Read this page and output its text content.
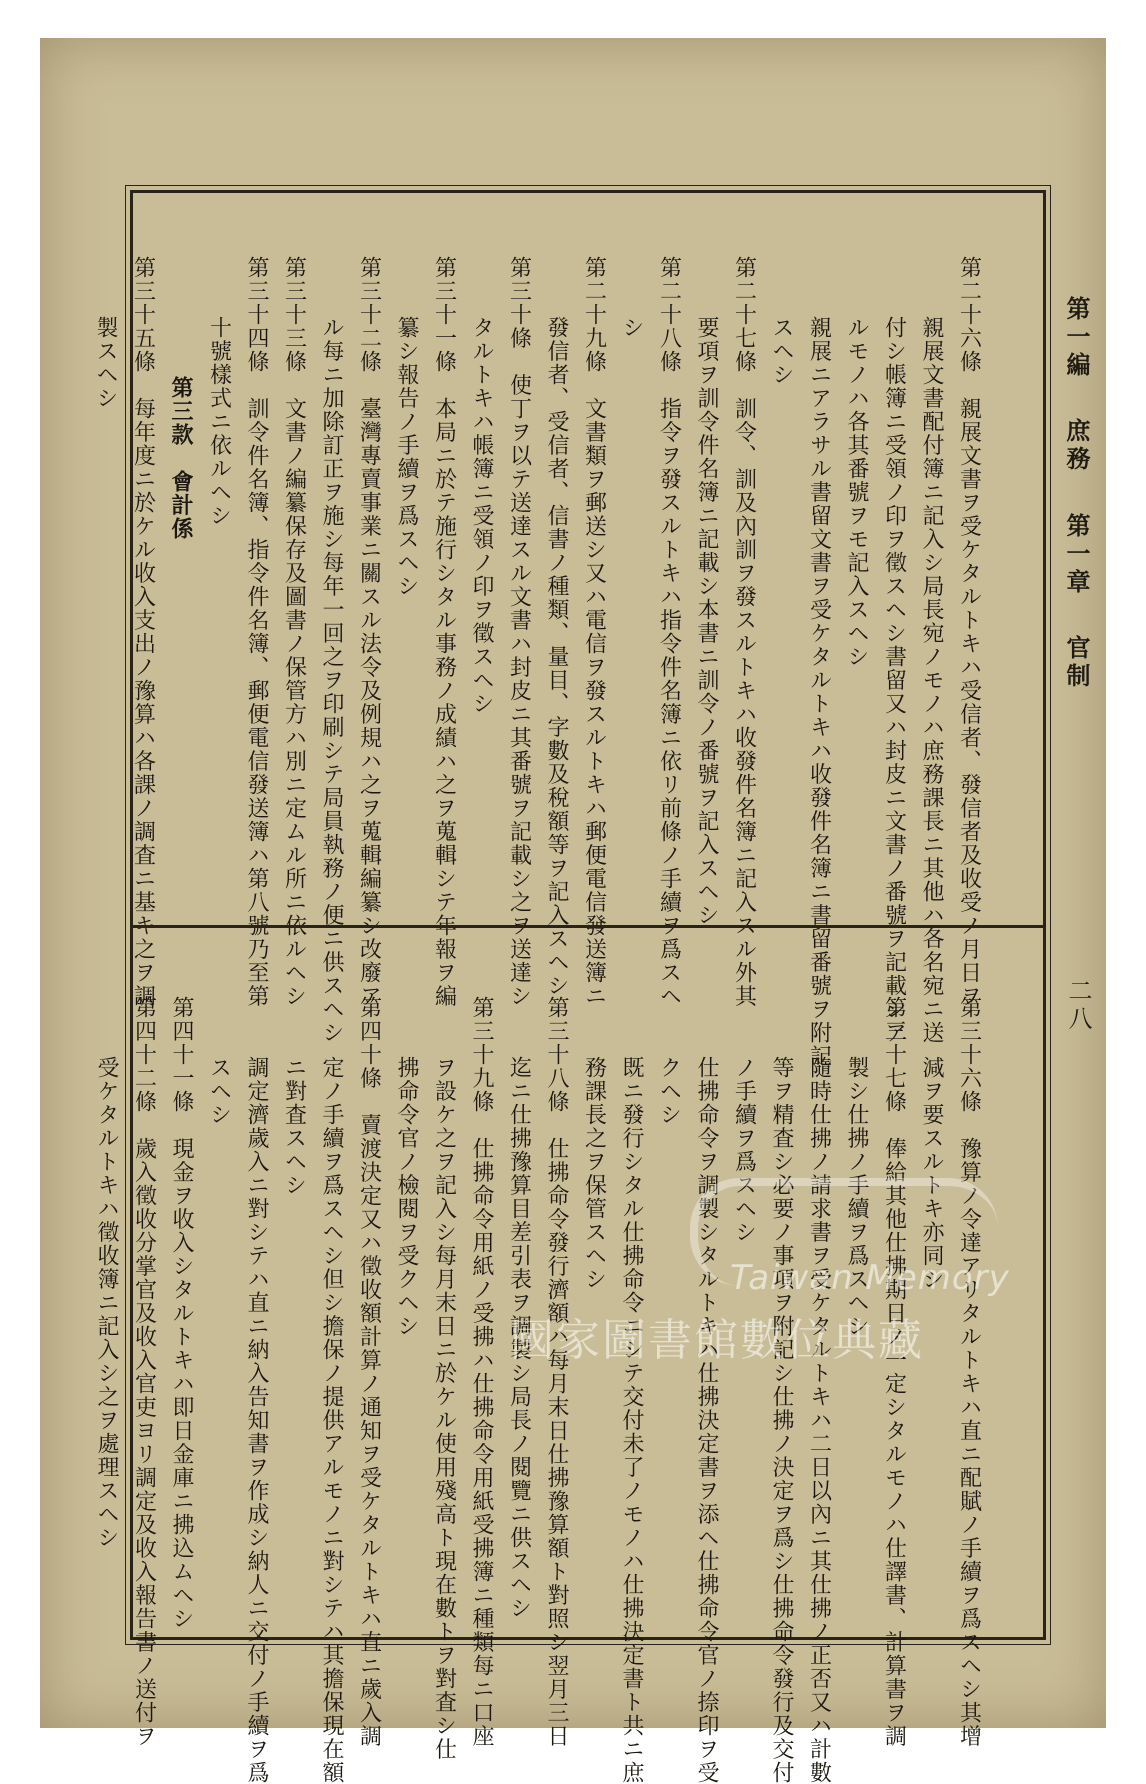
第一編 庶務 第一章 官制
二八

第二十六條　親展文書ヲ受ケタルトキハ受信者、發信者及收受ノ月日ヲ
親展文書配付簿ニ記入シ局長宛ノモノハ庶務課長ニ其他ハ各名宛ニ送
付シ帳簿ニ受領ノ印ヲ徵スヘシ書留又ハ封皮ニ文書ノ番號ヲ記載シア
ルモノハ各其番號ヲモ記入スヘシ
親展ニアラサル書留文書ヲ受ケタルトキハ收發件名簿ニ書留番號ヲ附記
スヘシ
第二十七條　訓令、訓及內訓ヲ發スルトキハ收發件名簿ニ記入スル外其
要項ヲ訓令件名簿ニ記載シ本書ニ訓令ノ番號ヲ記入スヘシ
第二十八條　指令ヲ發スルトキハ指令件名簿ニ依リ前條ノ手續ヲ爲スヘ
シ
第二十九條　文書類ヲ郵送シ又ハ電信ヲ發スルトキハ郵便電信發送簿ニ
發信者、受信者、信書ノ種類、量目、字數及稅額等ヲ記入スヘシ
第三十條　使丁ヲ以テ送達スル文書ハ封皮ニ其番號ヲ記載シ之ヲ送達シ
タルトキハ帳簿ニ受領ノ印ヲ徵スヘシ
第三十一條　本局ニ於テ施行シタル事務ノ成績ハ之ヲ蒐輯シテ年報ヲ編
纂シ報告ノ手續ヲ爲スヘシ
第三十二條　臺灣專賣事業ニ關スル法令及例規ハ之ヲ蒐輯編纂シ改廢ア
ル每ニ加除訂正ヲ施シ每年一回之ヲ印刷シテ局員執務ノ便ニ供スヘシ
第三十三條　文書ノ編纂保存及圖書ノ保管方ハ別ニ定ムル所ニ依ルヘシ
第三十四條　訓令件名簿、指令件名簿、郵便電信發送簿ハ第八號乃至第
十號樣式ニ依ルヘシ
第三款　會計係
第三十五條　每年度ニ於ケル收入支出ノ豫算ハ各課ノ調査ニ基キ之ヲ調
製スヘシ

第三十六條　豫算ノ令達アリタルトキハ直ニ配賦ノ手續ヲ爲スヘシ其增
減ヲ要スルトキ亦同シ
第三十七條　俸給其他仕拂期日ノ一定シタルモノハ仕譯書、計算書ヲ調
製シ仕拂ノ手續ヲ爲スヘシ
隨時仕拂ノ請求書ヲ受ケタルトキハ二日以內ニ其仕拂ノ正否又ハ計數
等ヲ精査シ必要ノ事項ヲ附記シ仕拂ノ決定ヲ爲シ仕拂命令發行及交付
ノ手續ヲ爲スヘシ
仕拂命令ヲ調製シタルトキハ仕拂決定書ヲ添ヘ仕拂命令官ノ捺印ヲ受
クヘシ
既ニ發行シタル仕拂命令ニシテ交付未了ノモノハ仕拂決定書ト共ニ庶
務課長之ヲ保管スヘシ
第三十八條　仕拂命令發行濟額ハ每月末日仕拂豫算額ト對照シ翌月三日
迄ニ仕拂豫算目差引表ヲ調製シ局長ノ閱覽ニ供スヘシ
第三十九條　仕拂命令用紙ノ受拂ハ仕拂命令用紙受拂簿ニ種類每ニ口座
ヲ設ケ之ヲ記入シ每月末日ニ於ケル使用殘高ト現在數トヲ對査シ仕
拂命令官ノ檢閱ヲ受クヘシ
第四十條　賣渡決定又ハ徵收額計算ノ通知ヲ受ケタルトキハ直ニ歲入調
定ノ手續ヲ爲スヘシ但シ擔保ノ提供アルモノニ對シテハ其擔保現在額
ニ對査スヘシ
調定濟歲入ニ對シテハ直ニ納入告知書ヲ作成シ納人ニ交付ノ手續ヲ爲
スヘシ
第四十一條　現金ヲ收入シタルトキハ即日金庫ニ拂込ムヘシ
第四十二條　歲入徵收分掌官及收入官吏ヨリ調定及收入報告書ノ送付ヲ
受ケタルトキハ徵收簿ニ記入シ之ヲ處理スヘシ
	Taiwan Memory
國家圖書館數位典藏
